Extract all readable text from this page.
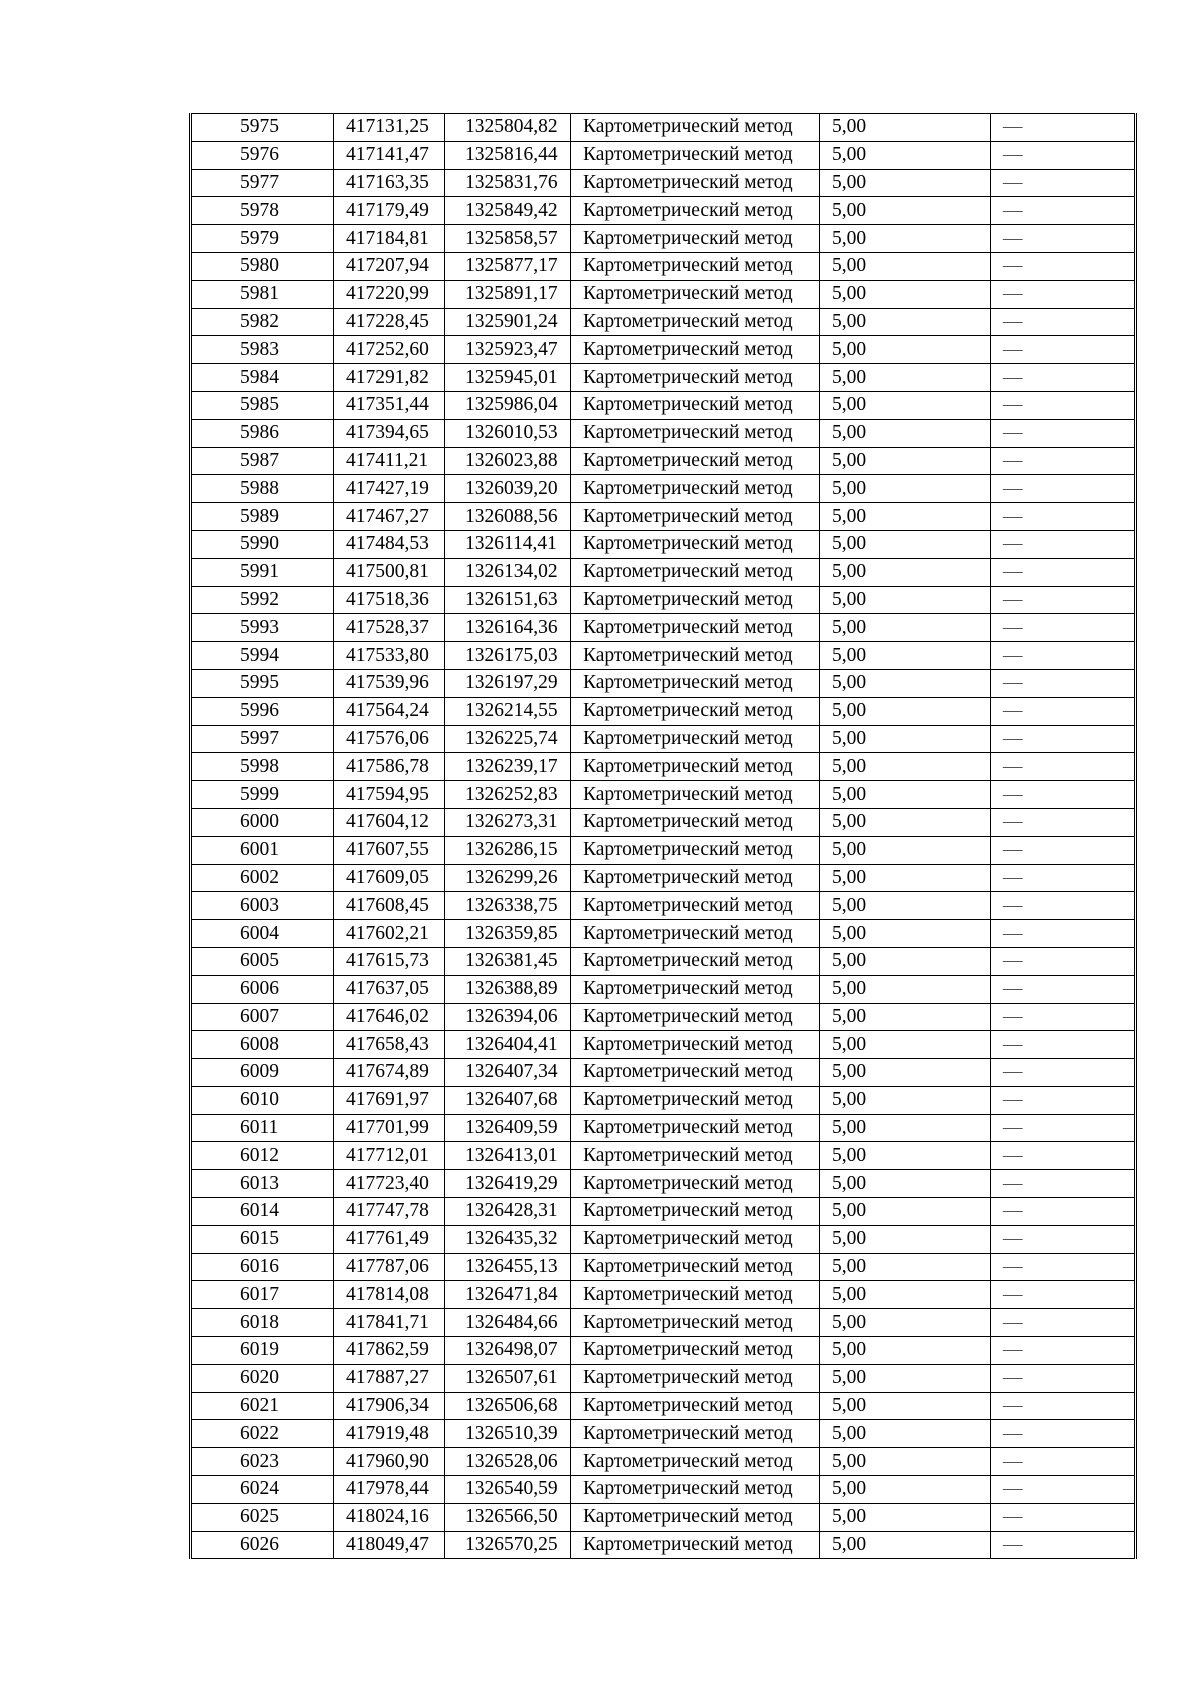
5975	417131,25	1325804,82	Картометрический метод	5,00	—
5976	417141,47	1325816,44	Картометрический метод	5,00	—
5977	417163,35	1325831,76	Картометрический метод	5,00	—
5978	417179,49	1325849,42	Картометрический метод	5,00	—
5979	417184,81	1325858,57	Картометрический метод	5,00	—
5980	417207,94	1325877,17	Картометрический метод	5,00	—
5981	417220,99	1325891,17	Картометрический метод	5,00	—
5982	417228,45	1325901,24	Картометрический метод	5,00	—
5983	417252,60	1325923,47	Картометрический метод	5,00	—
5984	417291,82	1325945,01	Картометрический метод	5,00	—
5985	417351,44	1325986,04	Картометрический метод	5,00	—
5986	417394,65	1326010,53	Картометрический метод	5,00	—
5987	417411,21	1326023,88	Картометрический метод	5,00	—
5988	417427,19	1326039,20	Картометрический метод	5,00	—
5989	417467,27	1326088,56	Картометрический метод	5,00	—
5990	417484,53	1326114,41	Картометрический метод	5,00	—
5991	417500,81	1326134,02	Картометрический метод	5,00	—
5992	417518,36	1326151,63	Картометрический метод	5,00	—
5993	417528,37	1326164,36	Картометрический метод	5,00	—
5994	417533,80	1326175,03	Картометрический метод	5,00	—
5995	417539,96	1326197,29	Картометрический метод	5,00	—
5996	417564,24	1326214,55	Картометрический метод	5,00	—
5997	417576,06	1326225,74	Картометрический метод	5,00	—
5998	417586,78	1326239,17	Картометрический метод	5,00	—
5999	417594,95	1326252,83	Картометрический метод	5,00	—
6000	417604,12	1326273,31	Картометрический метод	5,00	—
6001	417607,55	1326286,15	Картометрический метод	5,00	—
6002	417609,05	1326299,26	Картометрический метод	5,00	—
6003	417608,45	1326338,75	Картометрический метод	5,00	—
6004	417602,21	1326359,85	Картометрический метод	5,00	—
6005	417615,73	1326381,45	Картометрический метод	5,00	—
6006	417637,05	1326388,89	Картометрический метод	5,00	—
6007	417646,02	1326394,06	Картометрический метод	5,00	—
6008	417658,43	1326404,41	Картометрический метод	5,00	—
6009	417674,89	1326407,34	Картометрический метод	5,00	—
6010	417691,97	1326407,68	Картометрический метод	5,00	—
6011	417701,99	1326409,59	Картометрический метод	5,00	—
6012	417712,01	1326413,01	Картометрический метод	5,00	—
6013	417723,40	1326419,29	Картометрический метод	5,00	—
6014	417747,78	1326428,31	Картометрический метод	5,00	—
6015	417761,49	1326435,32	Картометрический метод	5,00	—
6016	417787,06	1326455,13	Картометрический метод	5,00	—
6017	417814,08	1326471,84	Картометрический метод	5,00	—
6018	417841,71	1326484,66	Картометрический метод	5,00	—
6019	417862,59	1326498,07	Картометрический метод	5,00	—
6020	417887,27	1326507,61	Картометрический метод	5,00	—
6021	417906,34	1326506,68	Картометрический метод	5,00	—
6022	417919,48	1326510,39	Картометрический метод	5,00	—
6023	417960,90	1326528,06	Картометрический метод	5,00	—
6024	417978,44	1326540,59	Картометрический метод	5,00	—
6025	418024,16	1326566,50	Картометрический метод	5,00	—
6026	418049,47	1326570,25	Картометрический метод	5,00	—
